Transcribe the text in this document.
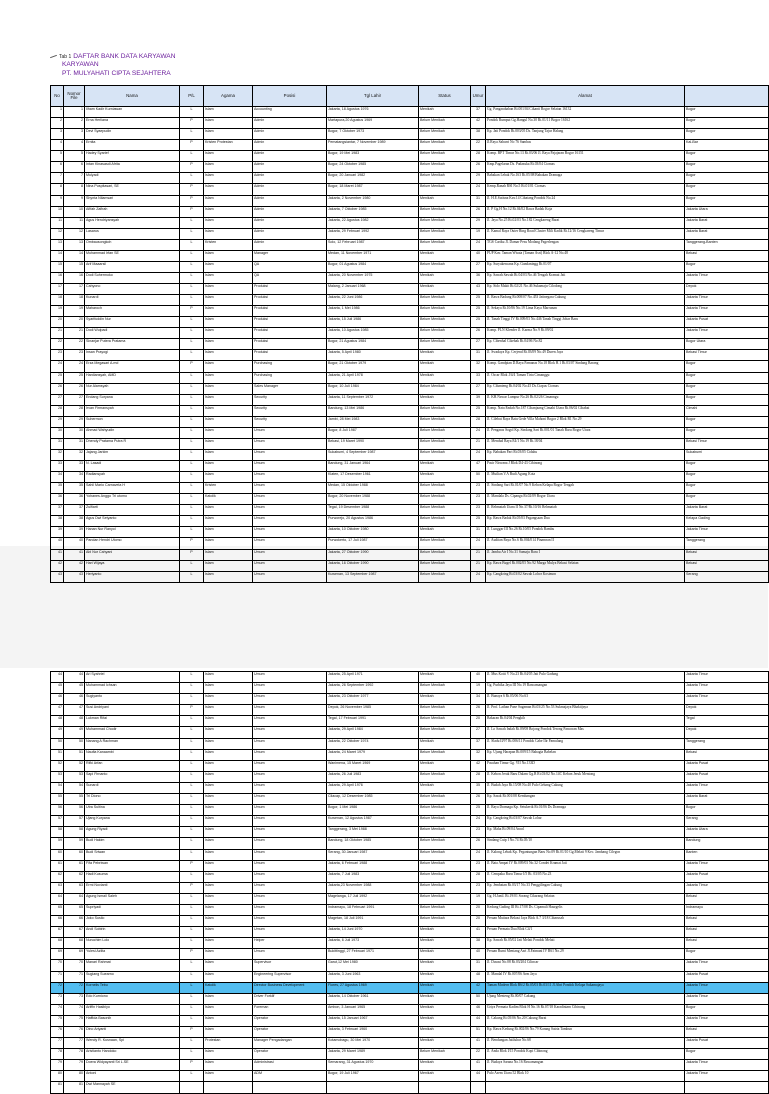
Tab 1 DAFTAR BANK DATA KARYAWAN
KARYAWAN
PT. MULYAHATI CIPTA SEJAHTERA
No	Nomor File	Nama	P/L	Agama	Posisi	Tgl Lahir	Status	Umur	Alamat	
1	1	Ilham Kadir Kurniawan	L	Islam	Accounting	Jakarta, 18 Agustus 1976	Menikah	37	Gg. Pangarabahan Rt.001/04 Cikanti Bogor Selatan 16132	Bogor
2	2	Erna Herliana	P	Islam	Admin	Martapura,20 Agustus 1969	Belum Menikah	42	Pondok Rumput Gg.Hangul No.30 Rt.01/11 Bogor 16162	Bogor
3	3	Devi Syaepudin	L	Islam	Admin	Bogor, 7 Oktober 1973	Belum Menikah	38	Kp. Jati Pondok Rt.003/05 Ds. Tanjung Tajur Halang	Bogor
4	4	Ernita	P	Kristen Protestan	Admin	Pematangsiantar, 7 November 1989	Belum Menikah	22	Jl.Raya Sahurri No 76 Sambas	Kal-Bar
5	5	Hadey Syarief	L	Islam	Admin	Bogor, 19 Mei 1983	Belum Menikah	28	Komp. BPT Timur No.13 Rt.03/06 Jl. Raya Pajajaran Bogor 16151	Bogor
6	6	Intan Kinasasdi Afrita	P	Islam	Admin	Bogor, 24 Oktober 1985	Belum Menikah	26	Kmp.Pagelaran Ds. Padasuka Rt.03/04 Ciomas	Bogor
7	7	Mulyadi	L	Islam	Admin	Bogor, 20 Januari 1982	Belum Menikah	29	Babakan Lebak No.163 Rt.05/08 Babakan Dramaga	Bogor
8	8	Nina Puspitasari, SE	P	Islam	Admin	Bogor, 18 Maret 1987	Belum Menikah	24	Kemp.Ranah RSI No.5 Rt.01/01 Ciomas	Bogor
9	9	Shynta Nilamsari	P	Islam	Admin	Jakarta, 2 November 1980	Menikah	31	Jl. H.E.Sutisna Kav.14 Cibatang Pondok No.24	Bogor
10	10	Afifah Zafirah	P	Islam	Admin	Jakarta, 7 Oktober 1985	Belum Menikah	26	Jl. P Gg.H No.12 Rt.04/02 Rawa Badak Koja	Jakarta Utara
11	11	Agus Hendriyansyah	L	Islam	Admin	Jakarta, 22 Agustus 1982	Belum Menikah	29	Jl. Jaya No.25 Rt.02/03 No.182 Cengkareng Barat	Jakarta Barat
12	12	Lasarus	L	Islam	Admin	Jakarta, 29 Februari 1992	Belum Menikah	19	Jl. Kamal Raya Outer Ring Road Cluster Mili Kadik Rt.12/16 Cengkareng Timur	Jakarta Barat
13	13	Ombausongkoh	L	Kristen	Admin	Solo, 12 Februari 1987	Belum Menikah	24	TGS Cariku Jl. Damar Pesu Modang Pagerlengan	Tanggerang-Banten
14	14	Muhammad Irfan SE	L	Islam	Manager	Medan, 11 November 1971	Menikah	40	PUP Kav. Taman Wisata (Taman Asri) Blok A-12 No.48	Bekasi
15	15	Arif Maaarsil	L	Islam	QA	Bogor, 01 Agustus 1984	Belum Menikah	27	Kp. Suryakencana Kp. Gandaningg Rt.01/07	Bogor
16	16	Dodi Suhermoko	L	Islam	QA	Jakarta, 20 November 1975	Menikah	36	Kp. Sawah Sawah Rt.04/03 No.46 Tengah Kramat Jati	Jakarta Timur
17	17	Cahyono	L	Islam	Produksi	Malang, 2 Januari 1968	Menikah	43	Kp. Sido Makit Rt.02/21 No.46 Sukamaju Cilodong	Depok
18	18	Kunardi	L	Islam	Produksi	Jakarta, 22 Juni 1986	Belum Menikah	25	Jl. Rawa Badung Rt.008/07 No.453 Jatinegara Cakung	Jakarta Timur
19	19	Maharoch	P	Islam	Produksi	Jakarta, 1 Mei 1986	Belum Menikah	25	Jl. Sekaya Rt.10/06 No.19 Lima Kaya Marrunan	Jakarta Timur
20	20	Syarifuddin Nur	L	Islam	Produksi	Jakarta, 15 Juli 1986	Belum Menikah	25	Jl. Tanah Tinggi IV Rt.009/03 No.446 Tanah Tinggi Johar Baru	Jakarta Pusat
21	21	Dodi Wulpadi	L	Islam	Produksi	Jakarta, 10 Agustus 1985	Belum Menikah	26	Komp. PLN Klender Jl. Karma No.9 Rt.09/02	Jakarta Timur
22	22	Sinanjar Putera Pratama	L	Islam	Produksi	Bogor, 21 Agustus 1984	Belum Menikah	27	Kp. Cibenhal Cikebak Rt.04/06 No.82	Bogor Utara
23	23	Insan Prayogi	L	Islam	Produksi	Jakarta, 5 April 1980	Menikah	31	Jl. Swadaya Kp. Cerjend Rt.03/09 No.49 Duren Jaya	Bekasi Timur
24	24	Erza Megasari A.md	P	Islam	Purchasing	Bogor, 21 Oktober 1979	Menikah	32	Komp. Gandpian D.Raya Pamanas No.18 Blok H.1 Rt.03/07 Sindang Barang	Bogor
25	25	Hardiansyah, AMD	L	Islam	Purchasing	Jakarta, 21 April 1978	Menikah	33	Jl. Oscar Blok J/4/4 Taman Tirta Cimanggu	Bogor
26	26	Nur Alamsyah	L	Islam	Sales Manager	Bogor, 10 Juli 1984	Belum Menikah	27	Kp. Cibanteng Rt.04/02 No.45 Ds.Ciapus Ciomas	Bogor
27	27	Endang Suryana	L	Islam	Security	Jakarta, 11 September 1972	Menikah	39	Jl. KH.Nawar Lumpur No.26 Rt.02/26 Cimanngu	Bogor
28	28	Irvan Firmansyah	L	Islam	Security	Bandung, 13 Mei 1986	Belum Menikah	25	Komp. Nata Endah No.187 Cibanjaang Cimahi Utara Rt.06/02 Cibabat	Cimahi
29	29	Suhermon	L	Islam	Security	Jambi, 28 Mei 1983	Belum Menikah	28	Jl. Cilebut Raya Batu Gede Villa Mahoni Bogor 2 Blok B1 No.29	Bogor
30	30	Ahmad Wahyudin	L	Islam	Umum	Bogor, 8 Juli 1987	Belum Menikah	24	Jl. Pengaras Sogol Kp. Sindang Sari Rt.001/01 Tanah Baru Bogor Utara	Bogor
31	31	Dhendy Pratama Putra R	L	Islam	Umum	Bekasi, 19 Maret 1990	Belum Menikah	21	Jl. Mendud Raya E4/1 No.19 Rt.18/04	Bekasi Timur
32	32	Jajang Jarkim	L	Islam	Umum	Sukabumi, 4 September 1987	Belum Menikah	24	Kp. Babakan Pari Rt.03/05 Cidahu	Sukabumi
33	33	N. Lasadi	L	Islam	Umum	Bandung, 31 Januari 1964	Menikah	47	Pasir Nirwana J Blok D4-43 Cibinong	Bogor
34	34	Radiansyah	L	Islam	Umum	Klaten, 17 Desember 1961	Menikah	50	Jl. Mutlian V.A Budi Agung Kota	Bogor
35	35	Sahil Mario Carnavela H	L	Kristen	Umum	Medan, 15 Oktober 1988	Belum Menikah	23	Jl. Sindang Sari Rt.01/07 No.9 Kebon Kelapa Bogor Tengah	Bogor
36	36	Yohanes Anggo Tri utomo	L	Katolik	Umum	Bogor, 20 November 1988	Belum Menikah	23	Jl. Mandala Ds. Cipanga Rt.02/09 Bogor Utara	Bogor
37	37	Zulfiarti	L	Islam	Umum	Tegal, 19 Desember 1988	Belum Menikah	23	Jl. Rehmatab Utara II No.37/Rt.10/16 Rehmatab	Jakarta Barat
38	38	Agus Dwi Setyanto	L	Islam	Umum	Purworejo, 20 Agustus 1986	Belum Menikah	25	Kp. Rawa Badak Rt.05/03 Pagangsaan Dua	Kelapa Gading
39	39	Hanan Nur Ranyol	L	Islam	Umum	Jakarta, 10 Oktober 1980	Menikah	31	Jl. Lunggar III No.26 Rt.10/05 Pondok Bambu	Jakarta Timur
40	40	Pandan Hendri Utomo	P	Islam	Umum	Purwokerto, 17 Juli 1987	Belum Menikah	24	Jl. Auditan Raya No.6 Rt.004/014 Pinamran II	Tanggerang
41	41	Abl Nur Cahyani	P	Islam	Umum	Jakarta, 27 Oktober 1990	Belum Menikah	21	Jl. Jambu Air I No.31 Sumaju Baru I	Bekasi
42	42	Hari Wijaya	L	Islam	Umum	Jakarta, 16 Oktober 1990	Belum Menikah	21	Kp. Rawa Bugel Rt.002/05 No.92 Marga Mulya Bekasi Selatan	Bekasi
43	43	Heriyanto	L	Islam	Umum	Kuwenan, 13 September 1987	Belum Menikah	24	Kp. Cangkring Rt.03/02 Sawah Lohor Kosimon	Serang
44	44	Ari Syahriel	L	Islam	Umum	Jakarta, 25 April 1971	Menikah	40	Jl. Mus Kotti V No.23 Rt.04/05 Jati Pulo Gadung	Jakarta Timur
45	45	Muhammad Ichsan	L	Islam	Umum	Jakarta, 26 September 1992	Belum Menikah	19	Gg. Purhika Jaya III No.19 Rancamangan	Jakarta Timur
46	46	Sugiyanto	L	Islam	Umum	Jakarta, 23 Oktober 1977	Menikah	34	Jl. Bunaya 6 Rt.05/06 No.63	Jakarta Timur
47	47	Susi Andriyani	P	Islam	Umum	Depok, 26 November 1985	Belum Menikah	26	Jl. Prof. Lathan Pane Sugaman Rt.03/25 No.53 Sukmajaya Bhaktijaya	Depok
48	48	Lukman Rifai	L	Islam	Umum	Tegal, 17 Februari 1991	Belum Menikah	20	Bakaran Rt.04/04 Pengkih	Tegal
49	49	Muhammad Chodir	L	Islam	Umum	Jakarta, 29 April 1984	Belum Menikah	27	Jl. Lo Sawah Indah Rt.09/08 Bojong Pondok Terong Pancoran Mas	Depok
50	50	Nanang A Rachman	L	Islam	Umum	Jakarta, 22 Oktober 1974	Menikah	37	Jl. Sladu II/97 Rt.006/11 Pondok Cabe Ilir Pamulang	Tanggerang
51	51	Naufia Kanaambi	L	Islam	Umum	Jakarta, 24 Maret 1979	Belum Menikah	32	Kp. Ujung Harapan Rt.009/15 Bahagia Babelan	Bekasi
52	52	Rifki Arfan	L	Islam	Umum	Wanimena, 15 Maret 1969	Menikah	42	Pasuhan Timur Gg. VII No.133D	Jakarta Pusat
53	53	Sapi Firnanto	L	Islam	Umum	Jakarta, 26 Juli 1983	Belum Menikah	28	Jl. Kebon Jeruk Baru Dalam Gg.B Rt.03/02 No.14C Kebon Jeruk Mentong	Jakarta Pusat
54	54	Sunardi	L	Islam	Umum	Jakarta, 29 April 1976	Menikah	35	Jl. Budah Jaya Rt.15/08 No.40 Pulo Gebang Cakung	Jakarta Timur
55	55	Tri Diono	L	Islam	Umum	Cilacap, 12 Desember 1985	Belum Menikah	26	Kp. Sasak Rt.001/08 Kembangan	Jakarta Barat
56	56	Utra Sultina	L	Islam	Umum	Bogor, 1 Mei 1986	Belum Menikah	25	Jl. Raya Dramaga Kp. Setukerik Rt.01/06 Ds Dramaga	Bogor
57	57	Ujang Kuryana	L	Islam	Umum	Kuwenan, 12 Agustus 1987	Belum Menikah	24	Kp. Cangkring Rt.03/07 Sawah Lohar	Serang
58	58	Agung Riyadi	L	Islam	Umum	Tanggerang, 3 Mei 1988	Belum Menikah	23	Kp. Maha Rt.09/04 Ancol	Jakarta Utara
59	59	Budi Hakim	L	Islam	Umum	Bandung, 18 Oktober 1985	Belum Menikah	26	Sindang Cuip I No.74 Rt.05/10	Bandung
60	60	Budi Sriwan	L	Islam	Umum	Serang, 30 Januari 1987	Belum Menikah	24	Jl. Kalong Lebak Kp. Pegantungan Baru No.09 Rt.01/10 Gg.Melati 9 Kec. Jambang Cilegon	Banten
61	61	Fifa Pebriwan	P	Islam	Umum	Jakarta, 6 Februari 1988	Belum Menikah	23	Jl. Bata Ampat IV Rt.009/03 No.32 Condet Kramat Jati	Jakarta Timur
62	62	Hadi Kusuma	L	Islam	Umum	Jakarta, 7 Juli 1983	Belum Menikah	28	Jl. Cempaka Baru Timur I/5 Rt. 03/05 No.23	Jakarta Pusat
63	63	Ermi Novianti	P	Islam	Umum	Jakarta,23 November 1988	Belum Menikah	23	Kp. Jembatan Rt.03/17 No.33 Penggilingan Cakung	Jakarta Timur
64	64	Agung Ismail Saleh	L	Islam	Umum	Magelanga, 17 Juli 1992	Belum Menikah	19	Gg. H.Janil. Rt.19/01 Sorang Cikarang Selatan	Bekasi
65	65	Supriyadi	L	Islam	Umum	Indramayu, 18 Februari 1991	Belum Menikah	20	Kedung Gading III Rt.17/08 Ds. Cipamali Haurgelis	Indramayu
66	66	Joko Susilo	L	Islam	Umum	Magetan, 18 Juli 1991	Belum Menikah	20	Peruan Mutiara Bekasi Jaya Blok A.7 3/18 Cibarusah	Bekasi
67	67	Andi Sobirin	L	Islam	Umum	Jakarta, 14 Juni 1970	Menikah	41	Peruan Permata Dua Blok C4/1	Bekasi
68	68	Nuruchim Lolo	L	Islam	Helper	Jakarta, 6 Juli 1973	Menikah	38	Kp. Sawah Rt.05/02 Jati Melati Pondok Melati	Bekasi
69	69	Yulesi Azlita	P	Islam	Umum	Bukittinggi, 27 Februari 1971	Menikah	40	Peruan Bumi Mentang Asri Jl.Fatmani IV B61 No.29	Bogor
70	70	Manari Rahmat	L	Islam	Supervisor	Garut,12 Mei 1980	Menikah	31	Jl. Dusasi No.08 Rt.03/204 Cilincar	Jakarta Timur
71	71	Sugiang Suearno	L	Islam	Engineering Supervisor	Jakarta, 3 Juni 1963	Menikah	48	Jl. Mandal IV Rt.007/06 Arm Jaya	Jakarta Pusat
72	72	Kornelis Tebu	L	Katolik	Director Business Development	Flores, 27 Agustus 1969	Menikah	42	Taman Modern Blok B6/2 Rt.05/03 Rt.03/11 Jl.Abri Pondok Kelapa Sukamajaya	Jakarta Timur
73	73	Edo Kurniono	L	Islam	Driver Forklif	Jakarta, 14 Oktober 1961	Menikah	50	Ujung Menteng Rt.00/07 Cakung	Jakarta Timur
74	74	Ariffin Hasibiyo	L	Islam	Foreman	Ambon, 3 Januari 1965	Menikah	46	Griya Permata Kadim Blok H No.16 Rt.07/18 Karadiniam Cibinong	Bogor
75	75	Haffida Basonih	L	Islam	Operator	Jakarta, 15 Januari 1967	Menikah	44	Jl. Cakung Rt.05/06 No.20 Cakung Barat	Jakarta Timur
76	76	Dino Ariyanti	P	Islam	Operator	Jakarta, 3 Februari 1960	Menikah	51	Kp. Rawa Kedung Rt.002/06 No.79 Karang Satria Tambun	Bekasi
77	77	Wendy R. Kusnaan, Spi	L	Protestan	Manager Pengadangan	Kotamobagu, 30 Mei 1970	Menikah	41	Jl. Bendungan Jatiluhur No.68	Jakarta Pusat
78	78	Aristianto Handoko	L	Islam	Operator	Jakarta, 29 Maret 1989	Belum Menikah	22	Jl. Anda Blok I/15 Pondok Kopi Cibinong	Bogor
79	79	Doera Widyayanti Sri L.SE	P	Islam	Administrasi	Semarang, 31 Agustus 1970	Menikah	41	Jl. Budaya Sarana No.16 Rawamangun	Jakarta Timur
80	80	Antoni	L	Islam	ADM	Bogor, 19 Juli 1967	Menikah	44	Pulo Asem Utara 52 Blok 10	Jakarta Timur
81	81	Dwi Mannayah SE								
